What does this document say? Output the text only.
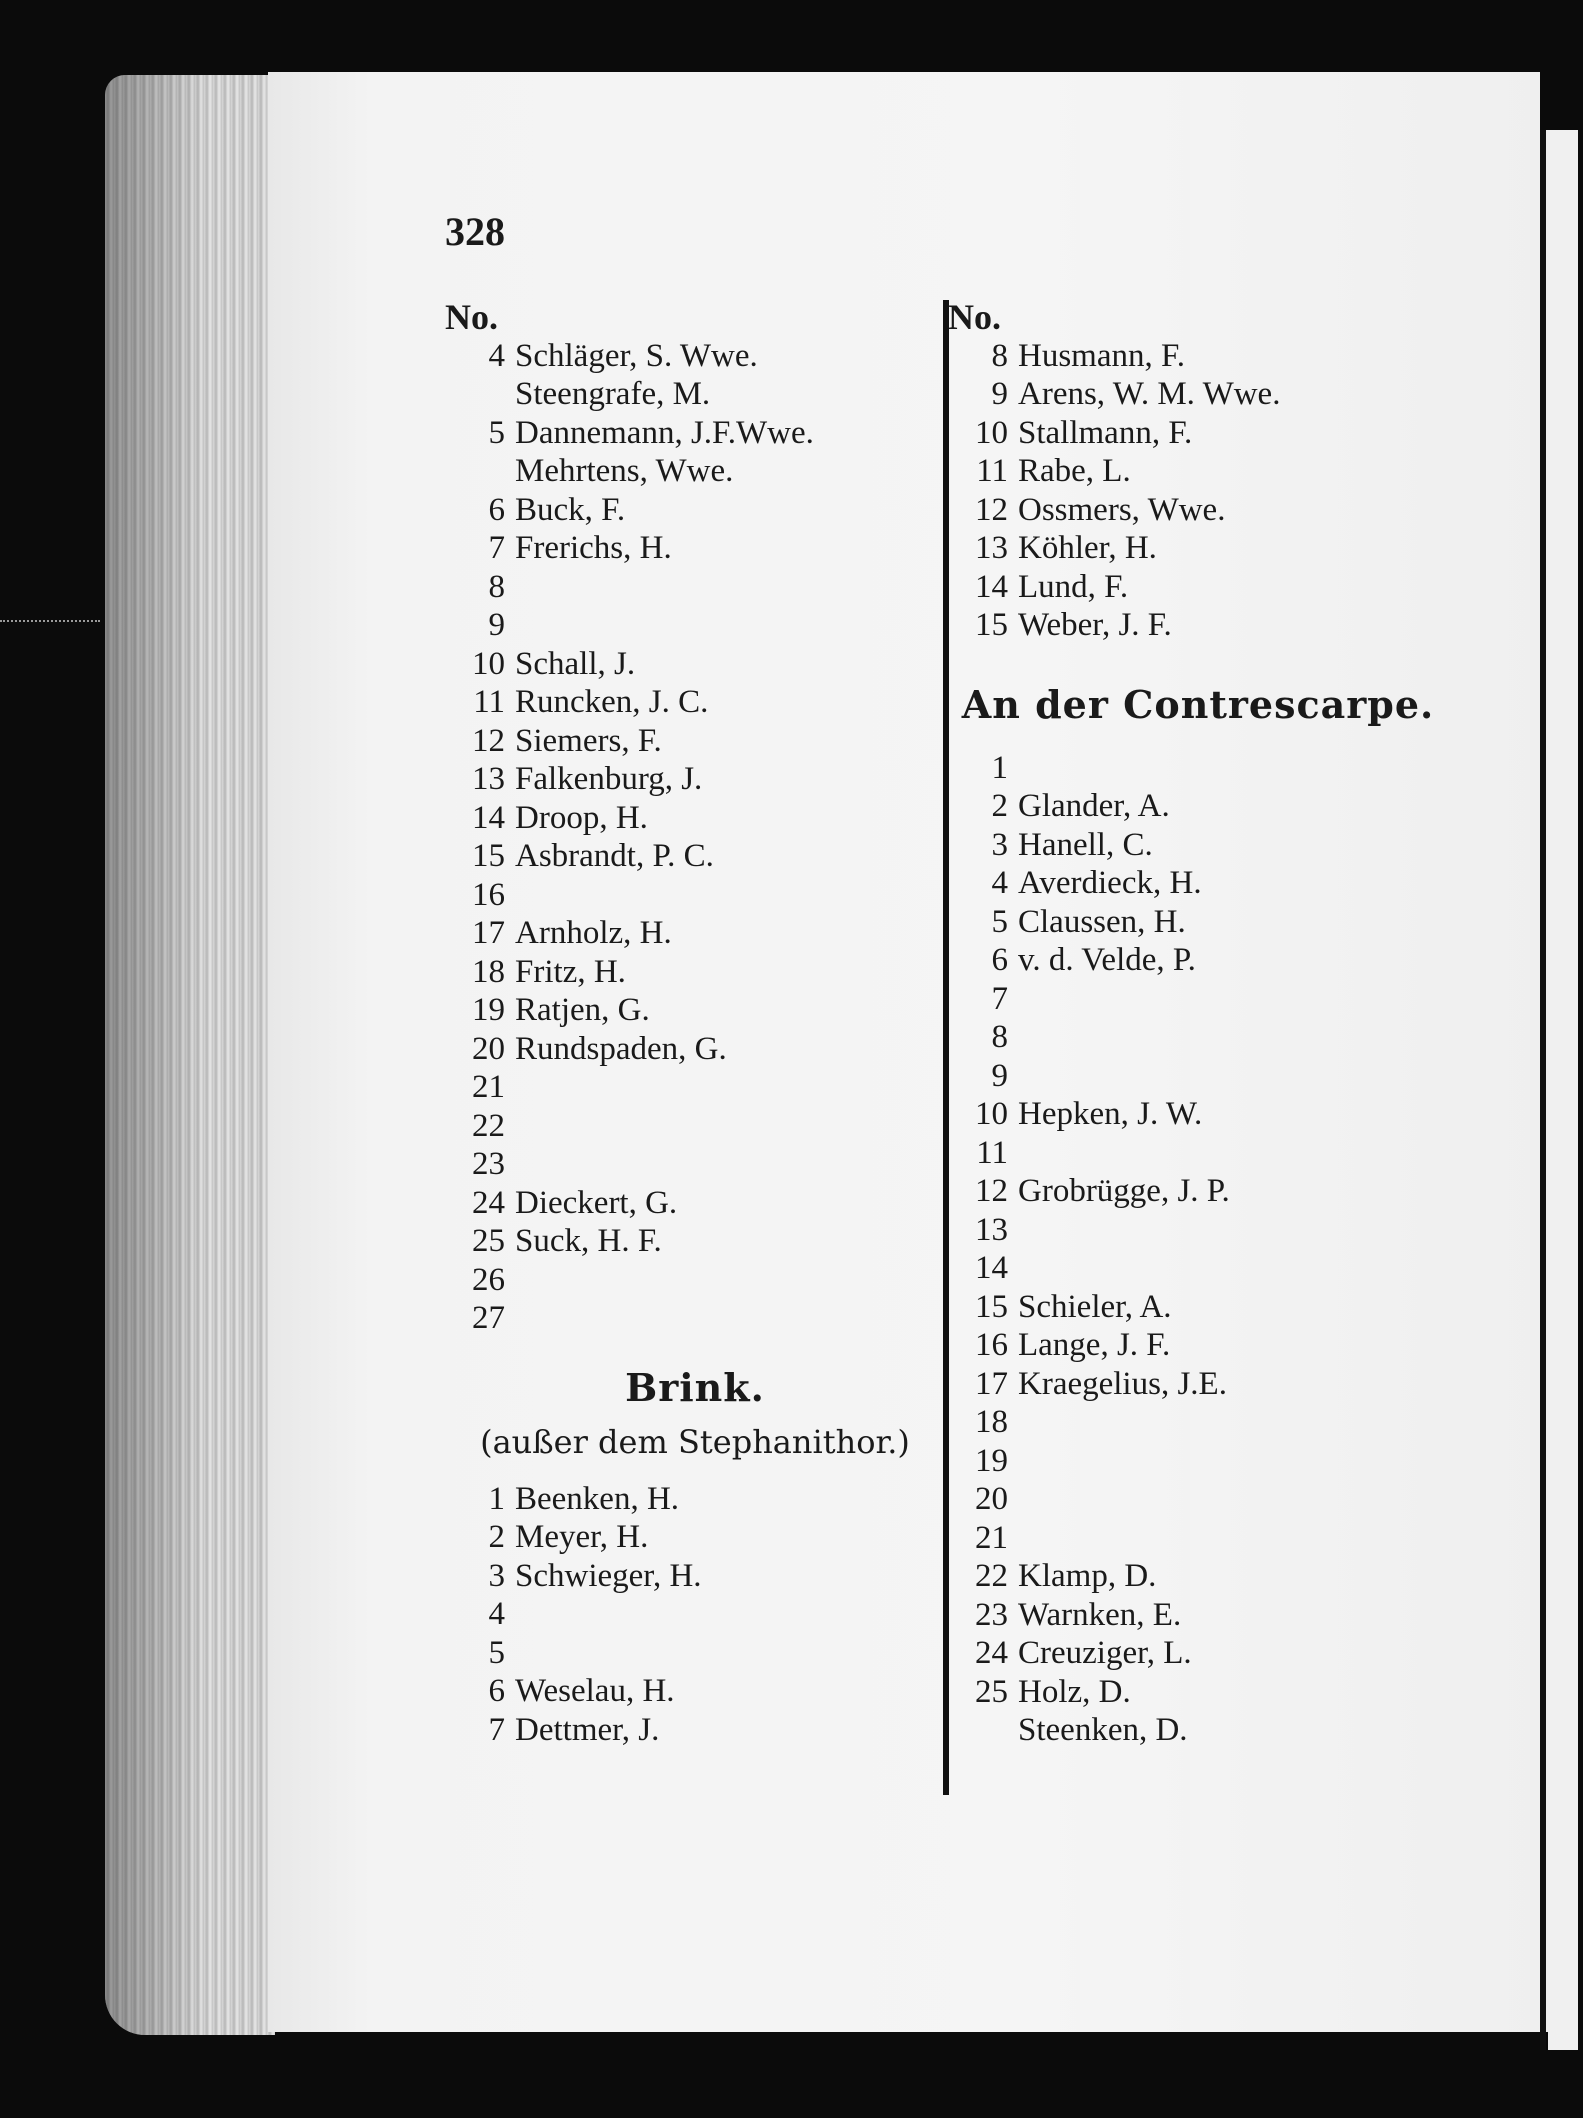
328
No.
4 Schläger, S. Wwe.
Steengrafe, M.
5 Dannemann, J.F.Wwe.
Mehrtens, Wwe.
6 Buck, F.
7 Frerichs, H.
8
9
10 Schall, J.
11 Runcken, J. C.
12 Siemers, F.
13 Falkenburg, J.
14 Droop, H.
15 Asbrandt, P. C.
16
17 Arnholz, H.
18 Fritz, H.
19 Ratjen, G.
20 Rundspaden, G.
21
22
23
24 Dieckert, G.
25 Suck, H. F.
26
27
Brink.
(außer dem Stephanithor.)
1 Beenken, H.
2 Meyer, H.
3 Schwieger, H.
4
5
6 Weselau, H.
7 Dettmer, J.
No.
8 Husmann, F.
9 Arens, W. M. Wwe.
10 Stallmann, F.
11 Rabe, L.
12 Ossmers, Wwe.
13 Köhler, H.
14 Lund, F.
15 Weber, J. F.
An der Contrescarpe.
1
2 Glander, A.
3 Hanell, C.
4 Averdieck, H.
5 Claussen, H.
6 v. d. Velde, P.
7
8
9
10 Hepken, J. W.
11
12 Grobrügge, J. P.
13
14
15 Schieler, A.
16 Lange, J. F.
17 Kraegelius, J.E.
18
19
20
21
22 Klamp, D.
23 Warnken, E.
24 Creuziger, L.
25 Holz, D.
Steenken, D.
